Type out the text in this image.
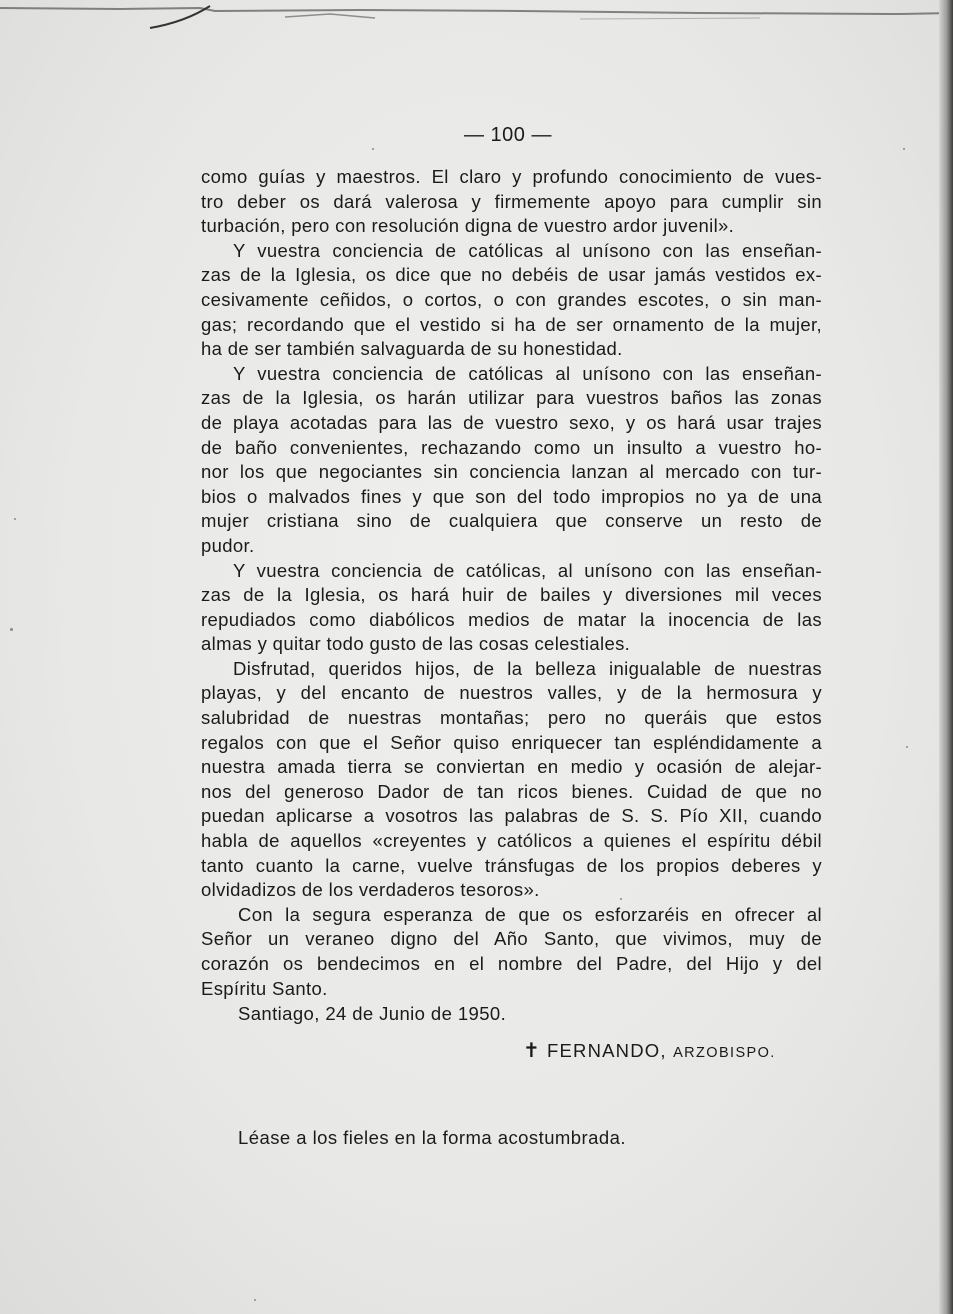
— 100 —
como guías y maestros. El claro y profundo conocimiento de vues-
tro deber os dará valerosa y firmemente apoyo para cumplir sin
turbación, pero con resolución digna de vuestro ardor juvenil».
Y vuestra conciencia de católicas al unísono con las enseñan-
zas de la Iglesia, os dice que no debéis de usar jamás vestidos ex-
cesivamente ceñidos, o cortos, o con grandes escotes, o sin man-
gas; recordando que el vestido si ha de ser ornamento de la mujer,
ha de ser también salvaguarda de su honestidad.
Y vuestra conciencia de católicas al unísono con las enseñan-
zas de la Iglesia, os harán utilizar para vuestros baños las zonas
de playa acotadas para las de vuestro sexo, y os hará usar trajes
de baño convenientes, rechazando como un insulto a vuestro ho-
nor los que negociantes sin conciencia lanzan al mercado con tur-
bios o malvados fines y que son del todo impropios no ya de una
mujer cristiana sino de cualquiera que conserve un resto de
pudor.
Y vuestra conciencia de católicas, al unísono con las enseñan-
zas de la Iglesia, os hará huir de bailes y diversiones mil veces
repudiados como diabólicos medios de matar la inocencia de las
almas y quitar todo gusto de las cosas celestiales.
Disfrutad, queridos hijos, de la belleza inigualable de nuestras
playas, y del encanto de nuestros valles, y de la hermosura y
salubridad de nuestras montañas; pero no queráis que estos
regalos con que el Señor quiso enriquecer tan espléndidamente a
nuestra amada tierra se conviertan en medio y ocasión de alejar-
nos del generoso Dador de tan ricos bienes. Cuidad de que no
puedan aplicarse a vosotros las palabras de S. S. Pío XII, cuando
habla de aquellos «creyentes y católicos a quienes el espíritu débil
tanto cuanto la carne, vuelve tránsfugas de los propios deberes y
olvidadizos de los verdaderos tesoros».
Con la segura esperanza de que os esforzaréis en ofrecer al
Señor un veraneo digno del Año Santo, que vivimos, muy de
corazón os bendecimos en el nombre del Padre, del Hijo y del
Espíritu Santo.
Santiago, 24 de Junio de 1950.
✝ FERNANDO, ARZOBISPO.
Léase a los fieles en la forma acostumbrada.
